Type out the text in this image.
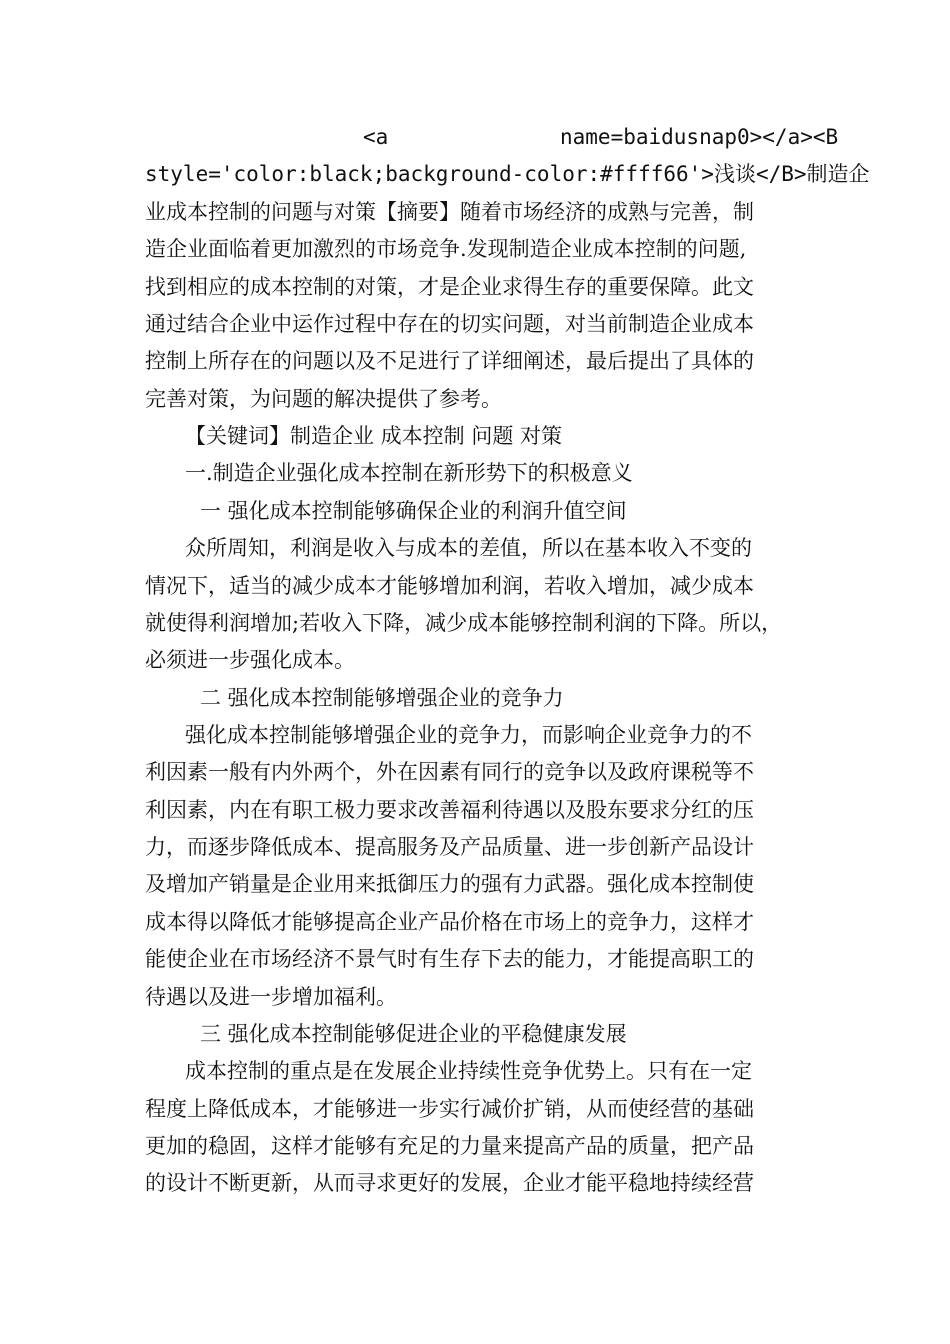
<a	name=baidusnap0></a><B
style='color:black;background-color:#ffff66'>浅谈</B>制造企
业成本控制的问题与对策【摘要】随着市场经济的成熟与完善，制
造企业面临着更加激烈的市场竞争.发现制造企业成本控制的问题,
找到相应的成本控制的对策，才是企业求得生存的重要保障。此文
通过结合企业中运作过程中存在的切实问题，对当前制造企业成本
控制上所存在的问题以及不足进行了详细阐述，最后提出了具体的
完善对策，为问题的解决提供了参考。
【关键词】制造企业 成本控制 问题 对策
一.制造企业强化成本控制在新形势下的积极意义
一 强化成本控制能够确保企业的利润升值空间
众所周知，利润是收入与成本的差值，所以在基本收入不变的
情况下，适当的减少成本才能够增加利润，若收入增加，减少成本
就使得利润增加;若收入下降，减少成本能够控制利润的下降。所以，
必须进一步强化成本。
二 强化成本控制能够增强企业的竞争力
强化成本控制能够增强企业的竞争力，而影响企业竞争力的不
利因素一般有内外两个，外在因素有同行的竞争以及政府课税等不
利因素，内在有职工极力要求改善福利待遇以及股东要求分红的压
力，而逐步降低成本、提高服务及产品质量、进一步创新产品设计
及增加产销量是企业用来抵御压力的强有力武器。强化成本控制使
成本得以降低才能够提高企业产品价格在市场上的竞争力，这样才
能使企业在市场经济不景气时有生存下去的能力，才能提高职工的
待遇以及进一步增加福利。
三 强化成本控制能够促进企业的平稳健康发展
成本控制的重点是在发展企业持续性竞争优势上。只有在一定
程度上降低成本，才能够进一步实行减价扩销，从而使经营的基础
更加的稳固，这样才能够有充足的力量来提高产品的质量，把产品
的设计不断更新，从而寻求更好的发展，企业才能平稳地持续经营
